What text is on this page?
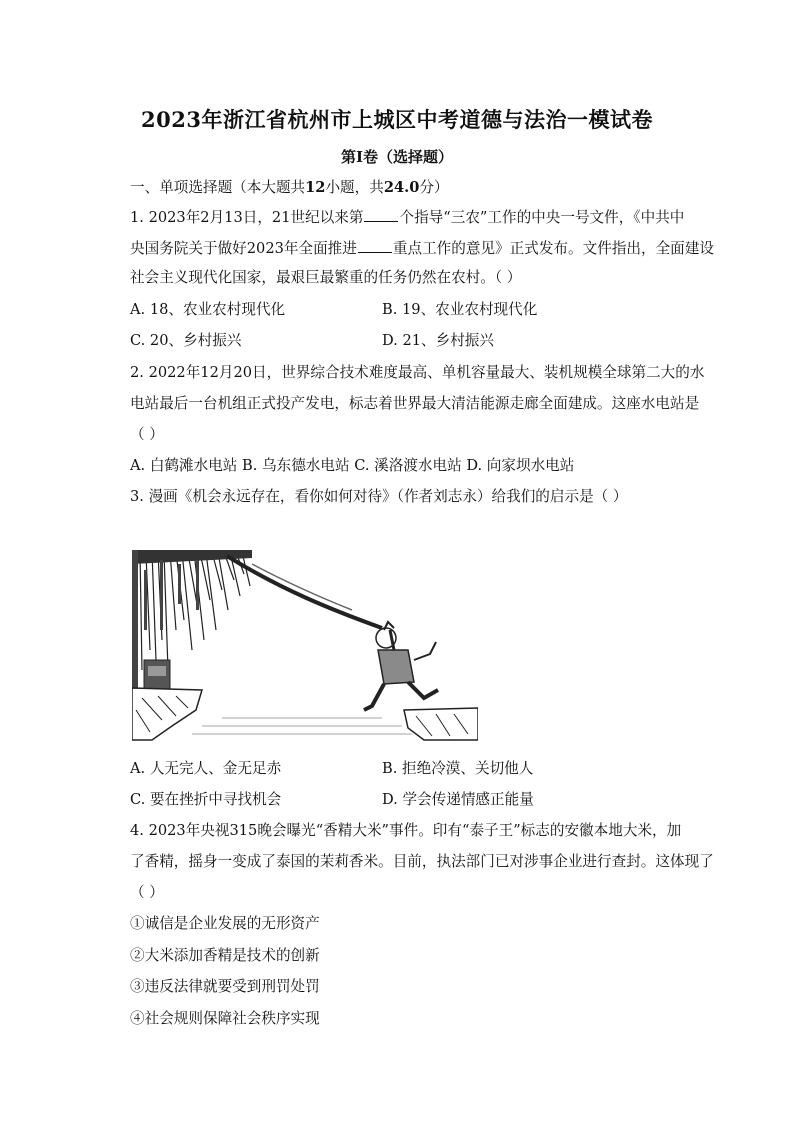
2023年浙江省杭州市上城区中考道德与法治一模试卷
第I卷（选择题）
一、单项选择题（本大题共12小题，共24.0分）
1. 2023年2月13日，21世纪以来第 个指导“三农”工作的中央一号文件，《中共中
央国务院关于做好2023年全面推进 重点工作的意见》正式发布。文件指出，全面建设
社会主义现代化国家，最艰巨最繁重的任务仍然在农村。（ ）
A. 18、农业农村现代化	B. 19、农业农村现代化
C. 20、乡村振兴	D. 21、乡村振兴
2. 2022年12月20日，世界综合技术难度最高、单机容量最大、装机规模全球第二大的水
电站最后一台机组正式投产发电，标志着世界最大清洁能源走廊全面建成。这座水电站是
（ ）
A. 白鹤滩水电站 B. 乌东德水电站 C. 溪洛渡水电站 D. 向家坝水电站
3. 漫画《机会永远存在，看你如何对待》（作者刘志永）给我们的启示是（ ）
A. 人无完人、金无足赤	B. 拒绝冷漠、关切他人
C. 要在挫折中寻找机会	D. 学会传递情感正能量
4. 2023年央视315晚会曝光“香精大米”事件。印有“泰子王”标志的安徽本地大米，加
了香精，摇身一变成了泰国的茉莉香米。目前，执法部门已对涉事企业进行查封。这体现了
（ ）
①诚信是企业发展的无形资产
②大米添加香精是技术的创新
③违反法律就要受到刑罚处罚
④社会规则保障社会秩序实现
